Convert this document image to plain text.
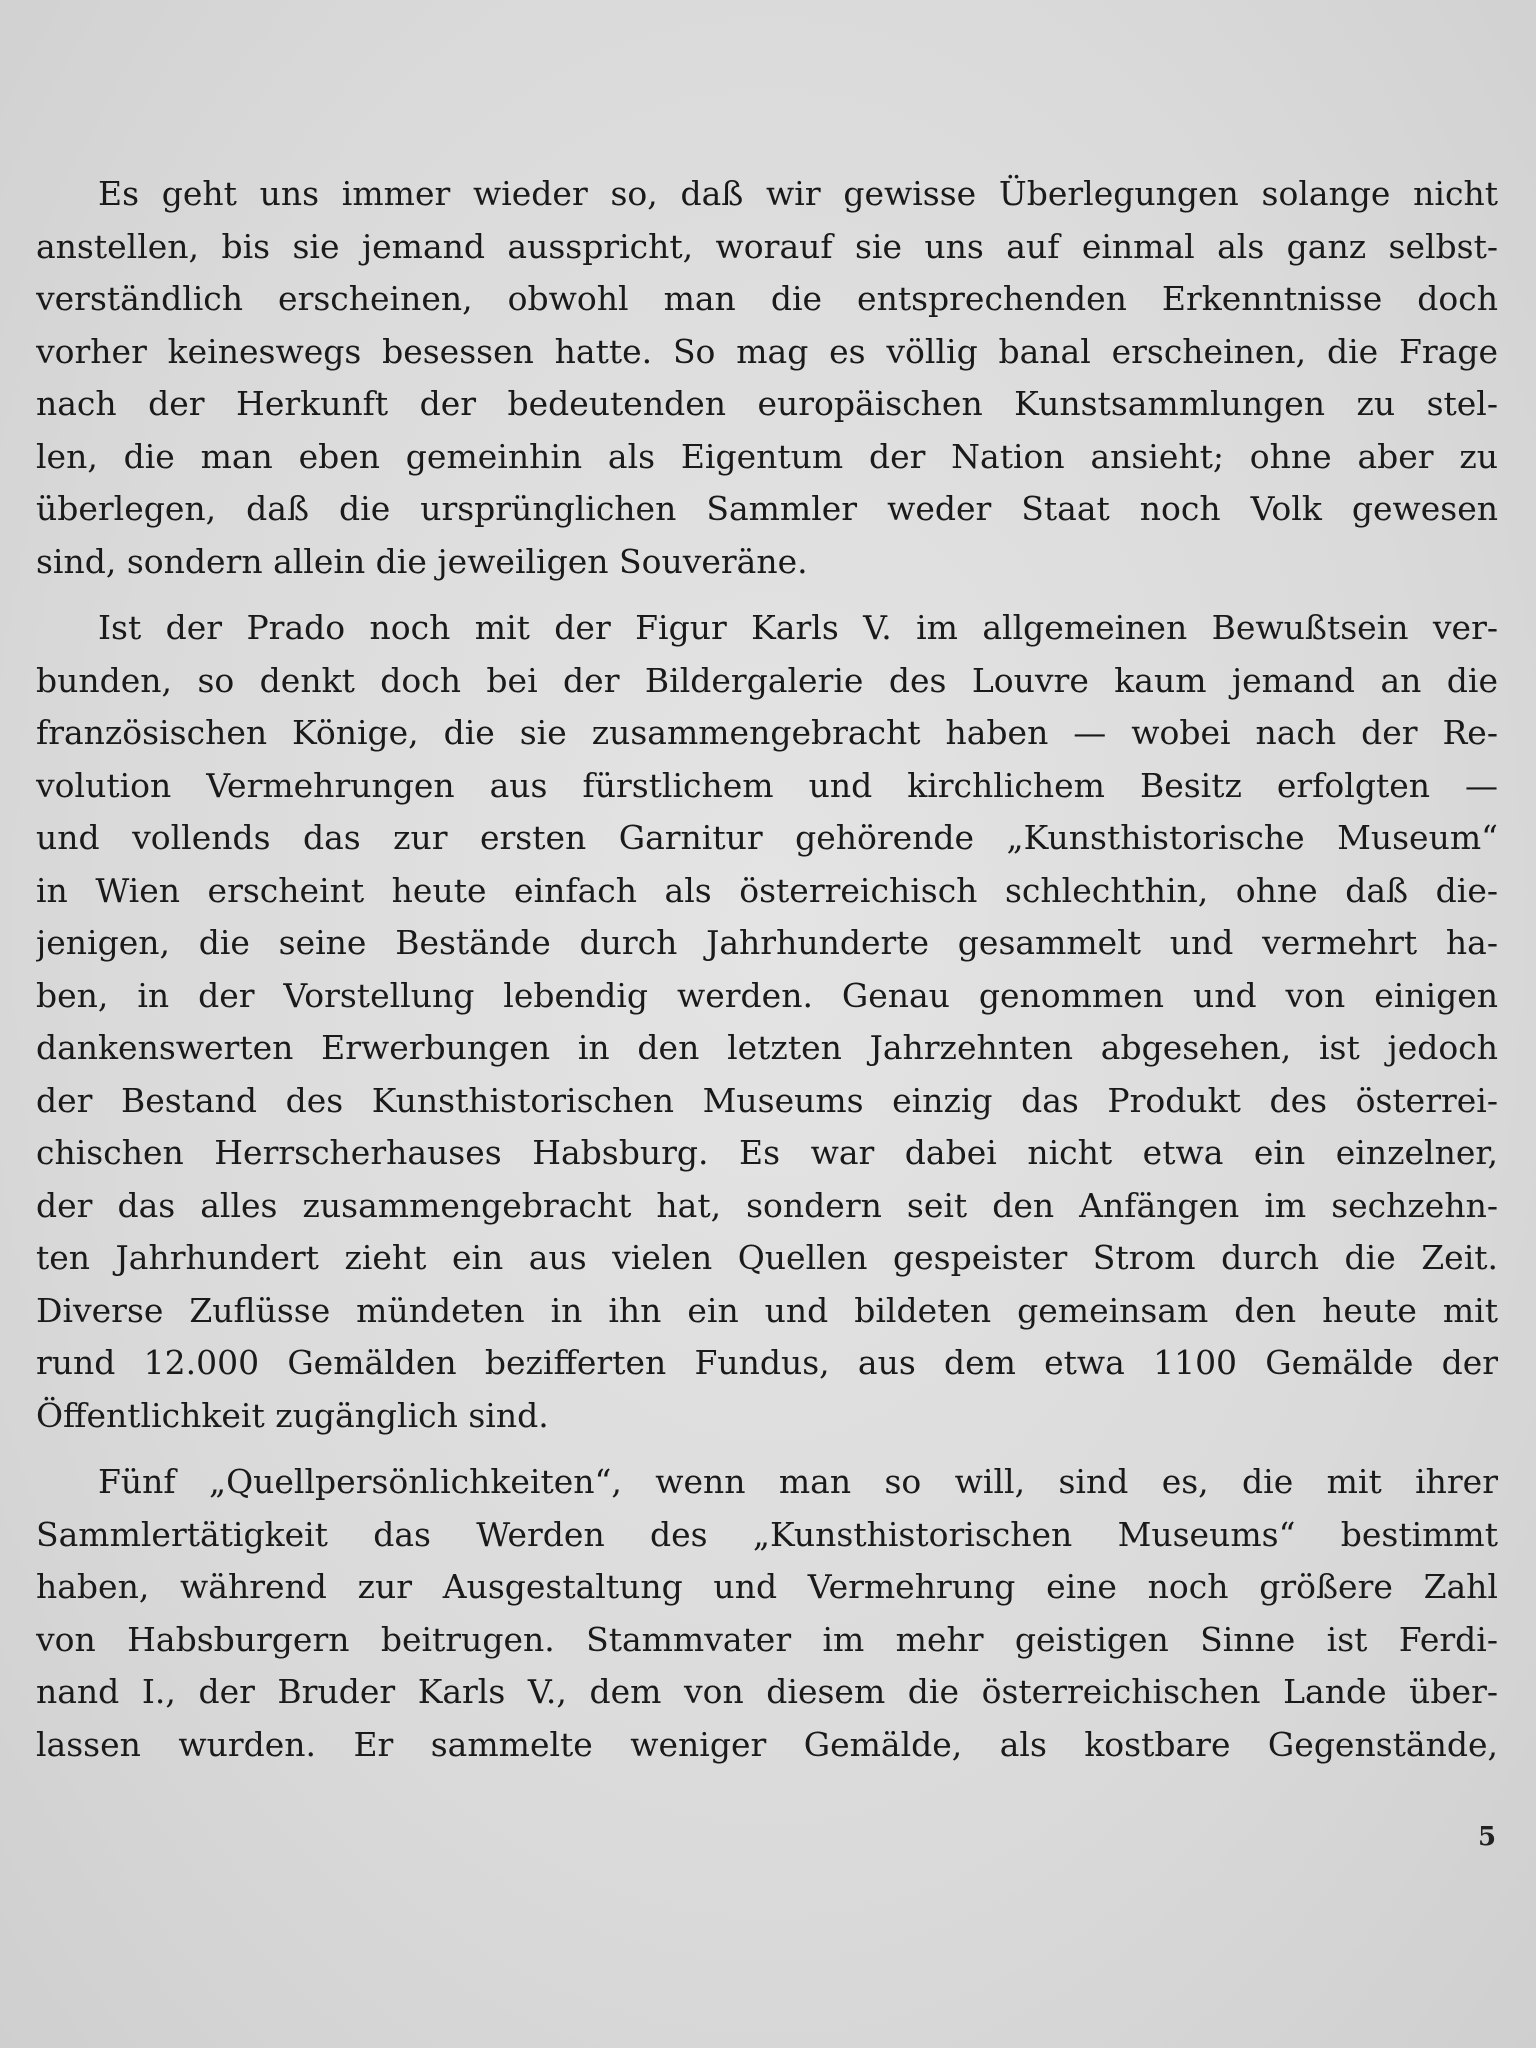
Es geht uns immer wieder so, daß wir gewisse Überlegungen solange nicht
anstellen, bis sie jemand ausspricht, worauf sie uns auf einmal als ganz selbst-
verständlich erscheinen, obwohl man die entsprechenden Erkenntnisse doch
vorher keineswegs besessen hatte. So mag es völlig banal erscheinen, die Frage
nach der Herkunft der bedeutenden europäischen Kunstsammlungen zu stel-
len, die man eben gemeinhin als Eigentum der Nation ansieht; ohne aber zu
überlegen, daß die ursprünglichen Sammler weder Staat noch Volk gewesen
sind, sondern allein die jeweiligen Souveräne.

Ist der Prado noch mit der Figur Karls V. im allgemeinen Bewußtsein ver-
bunden, so denkt doch bei der Bildergalerie des Louvre kaum jemand an die
französischen Könige, die sie zusammengebracht haben — wobei nach der Re-
volution Vermehrungen aus fürstlichem und kirchlichem Besitz erfolgten —
und vollends das zur ersten Garnitur gehörende „Kunsthistorische Museum“
in Wien erscheint heute einfach als österreichisch schlechthin, ohne daß die-
jenigen, die seine Bestände durch Jahrhunderte gesammelt und vermehrt ha-
ben, in der Vorstellung lebendig werden. Genau genommen und von einigen
dankenswerten Erwerbungen in den letzten Jahrzehnten abgesehen, ist jedoch
der Bestand des Kunsthistorischen Museums einzig das Produkt des österrei-
chischen Herrscherhauses Habsburg. Es war dabei nicht etwa ein einzelner,
der das alles zusammengebracht hat, sondern seit den Anfängen im sechzehn-
ten Jahrhundert zieht ein aus vielen Quellen gespeister Strom durch die Zeit.
Diverse Zuflüsse mündeten in ihn ein und bildeten gemeinsam den heute mit
rund 12.000 Gemälden bezifferten Fundus, aus dem etwa 1100 Gemälde der
Öffentlichkeit zugänglich sind.

Fünf „Quellpersönlichkeiten“, wenn man so will, sind es, die mit ihrer
Sammlertätigkeit das Werden des „Kunsthistorischen Museums“ bestimmt
haben, während zur Ausgestaltung und Vermehrung eine noch größere Zahl
von Habsburgern beitrugen. Stammvater im mehr geistigen Sinne ist Ferdi-
nand I., der Bruder Karls V., dem von diesem die österreichischen Lande über-
lassen wurden. Er sammelte weniger Gemälde, als kostbare Gegenstände,

5
